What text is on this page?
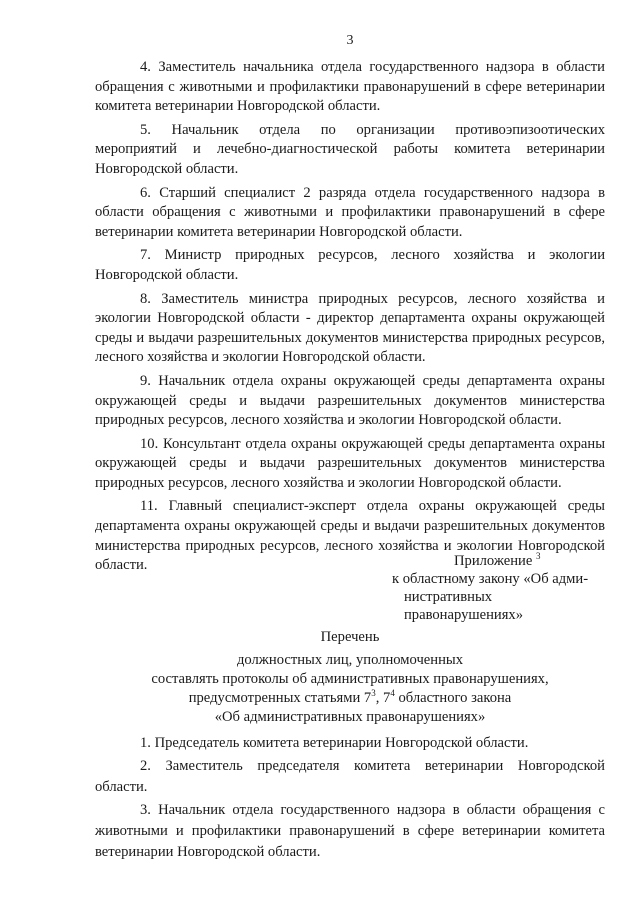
3

4. Заместитель начальника отдела государственного надзора в области обращения с животными и профилактики правонарушений в сфере ветеринарии комитета ветеринарии Новгородской области.

5. Начальник отдела по организации противоэпизоотических мероприятий и лечебно-диагностической работы комитета ветеринарии Новгородской области.

6. Старший специалист 2 разряда отдела государственного надзора в области обращения с животными и профилактики правонарушений в сфере ветеринарии комитета ветеринарии Новгородской области.

7. Министр природных ресурсов, лесного хозяйства и экологии Новгородской области.

8. Заместитель министра природных ресурсов, лесного хозяйства и экологии Новгородской области - директор департамента охраны окружающей среды и выдачи разрешительных документов министерства природных ресурсов, лесного хозяйства и экологии Новгородской области.

9. Начальник отдела охраны окружающей среды департамента охраны окружающей среды и выдачи разрешительных документов министерства природных ресурсов, лесного хозяйства и экологии Новгородской области.

10. Консультант отдела охраны окружающей среды департамента охраны окружающей среды и выдачи разрешительных документов министерства природных ресурсов, лесного хозяйства и экологии Новгородской области.

11. Главный специалист-эксперт отдела охраны окружающей среды департамента охраны окружающей среды и выдачи разрешительных документов министерства природных ресурсов, лесного хозяйства и экологии Новгородской области.	Приложение $^3$
к областному закону «Об адми-
нистративных правонарушениях»
Перечень
должностных лиц, уполномоченных
составлять протоколы об административных правонарушениях,
предусмотренных статьями $7^3$, $7^4$ областного закона
«Об административных правонарушениях»

1. Председатель комитета ветеринарии Новгородской области.

2. Заместитель председателя комитета ветеринарии Новгородской области.

3. Начальник отдела государственного надзора в области обращения с животными и профилактики правонарушений в сфере ветеринарии комитета ветеринарии Новгородской области.
